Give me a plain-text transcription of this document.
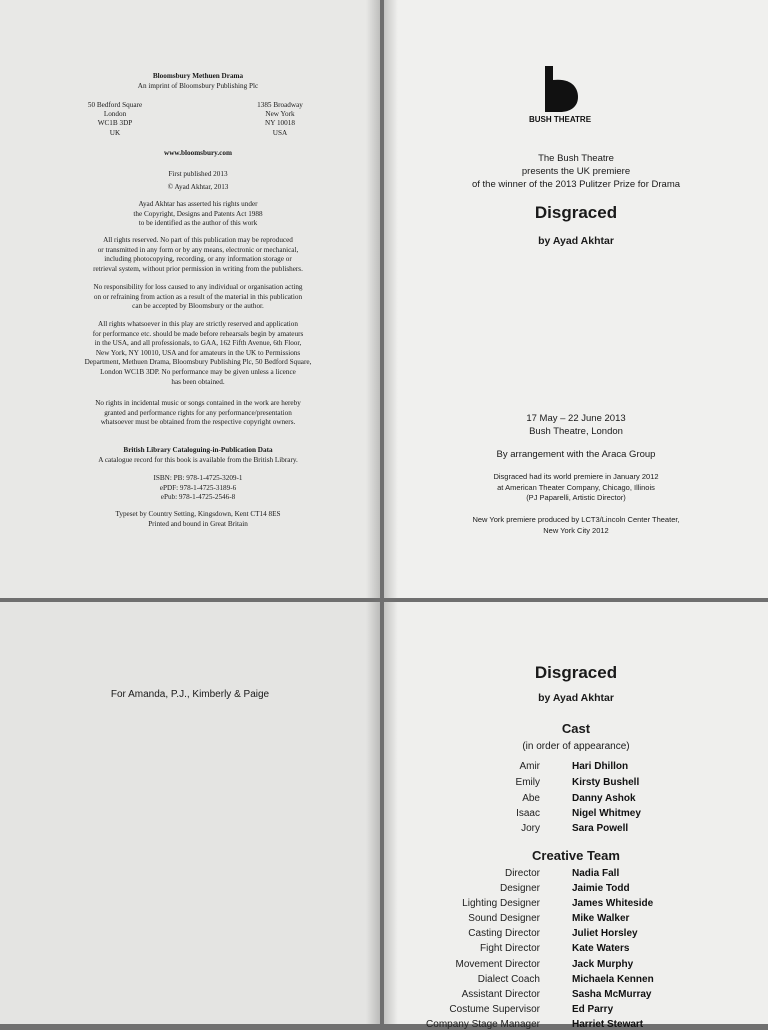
Bloomsbury Methuen Drama
An imprint of Bloomsbury Publishing Plc
50 Bedford Square
London
WC1B 3DP
UK
1385 Broadway
New York
NY 10018
USA
www.bloomsbury.com
First published 2013
© Ayad Akhtar, 2013
Ayad Akhtar has asserted his rights under
the Copyright, Designs and Patents Act 1988
to be identified as the author of this work
All rights reserved. No part of this publication may be reproduced
or transmitted in any form or by any means, electronic or mechanical,
including photocopying, recording, or any information storage or
retrieval system, without prior permission in writing from the publishers.
No responsibility for loss caused to any individual or organisation acting
on or refraining from action as a result of the material in this publication
can be accepted by Bloomsbury or the author.
All rights whatsoever in this play are strictly reserved and application
for performance etc. should be made before rehearsals begin by amateurs
in the USA, and all professionals, to GAA, 162 Fifth Avenue, 6th Floor,
New York, NY 10010, USA and for amateurs in the UK to Permissions
Department, Methuen Drama, Bloomsbury Publishing Plc, 50 Bedford Square,
London WC1B 3DP. No performance may be given unless a licence
has been obtained.
No rights in incidental music or songs contained in the work are hereby
granted and performance rights for any performance/presentation
whatsoever must be obtained from the respective copyright owners.
British Library Cataloguing-in-Publication Data
A catalogue record for this book is available from the British Library.
ISBN: PB: 978-1-4725-3209-1
ePDF: 978-1-4725-3189-6
ePub: 978-1-4725-2546-8
Typeset by Country Setting, Kingsdown, Kent CT14 8ES
Printed and bound in Great Britain
BUSH THEATRE
The Bush Theatre
presents the UK premiere
of the winner of the 2013 Pulitzer Prize for Drama
Disgraced
by Ayad Akhtar
17 May – 22 June 2013
Bush Theatre, London
By arrangement with the Araca Group
Disgraced had its world premiere in January 2012
at American Theater Company, Chicago, Illinois
(PJ Paparelli, Artistic Director)
New York premiere produced by LCT3/Lincoln Center Theater,
New York City 2012
For Amanda, P.J., Kimberly & Paige
Disgraced
by Ayad Akhtar
Cast
(in order of appearance)
Amir	Hari Dhillon
Emily	Kirsty Bushell
Abe	Danny Ashok
Isaac	Nigel Whitmey
Jory	Sara Powell
Creative Team
Director	Nadia Fall
Designer	Jaimie Todd
Lighting Designer	James Whiteside
Sound Designer	Mike Walker
Casting Director	Juliet Horsley
Fight Director	Kate Waters
Movement Director	Jack Murphy
Dialect Coach	Michaela Kennen
Assistant Director	Sasha McMurray
Costume Supervisor	Ed Parry
Company Stage Manager	Harriet Stewart
